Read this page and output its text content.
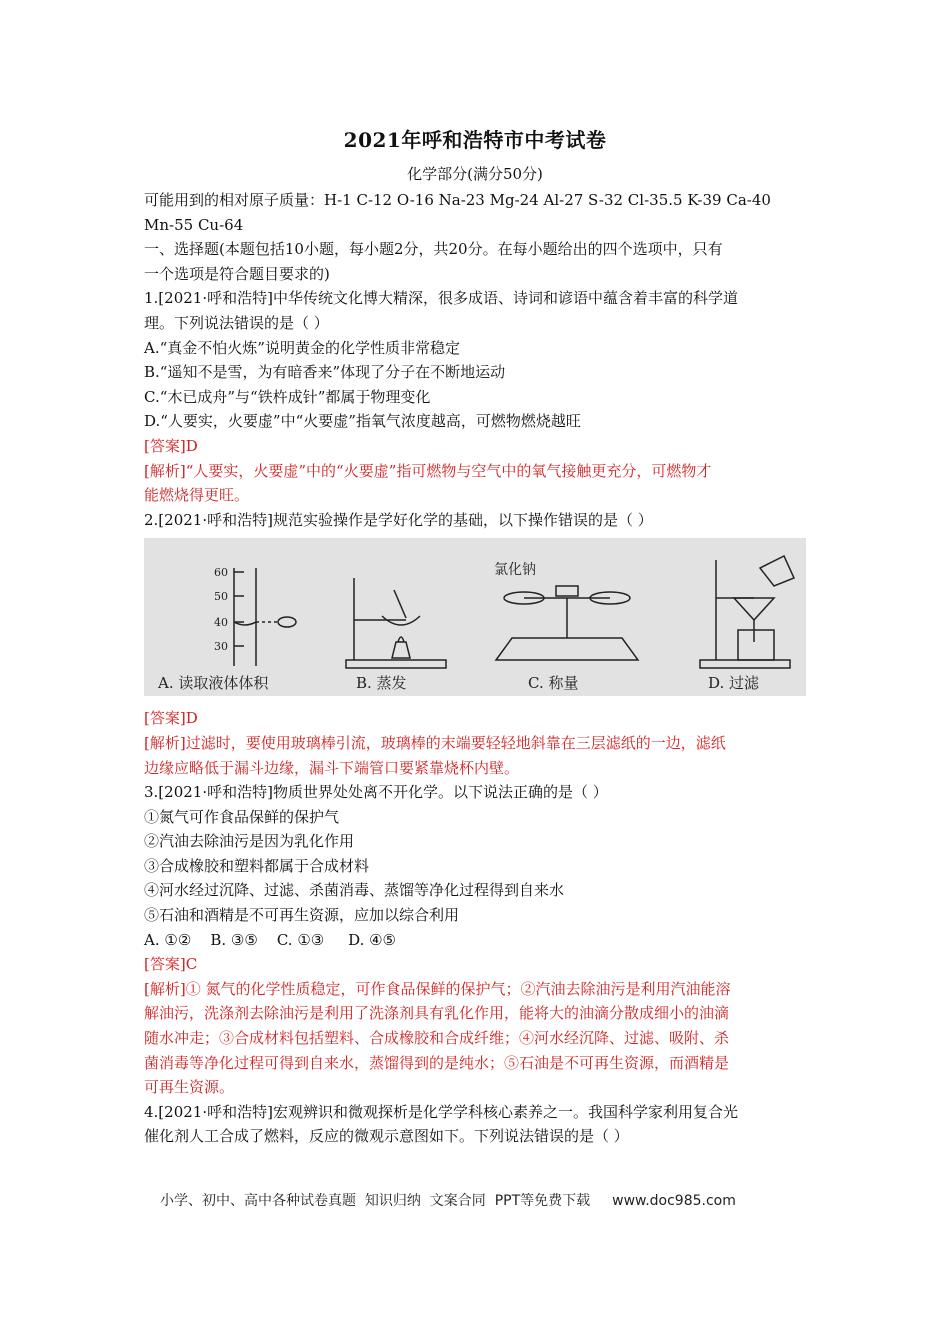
2021年呼和浩特市中考试卷

化学部分(满分50分)

可能用到的相对原子质量：H-1 C-12 O-16 Na-23 Mg-24 Al-27 S-32 Cl-35.5 K-39 Ca-40

Mn-55 Cu-64

一、选择题(本题包括10小题，每小题2分，共20分。在每小题给出的四个选项中，只有

一个选项是符合题目要求的)

1.[2021·呼和浩特]中华传统文化博大精深，很多成语、诗词和谚语中蕴含着丰富的科学道

理。下列说法错误的是（ ）

A.“真金不怕火炼”说明黄金的化学性质非常稳定

B.“遥知不是雪，为有暗香来”体现了分子在不断地运动

C.“木已成舟”与“铁杵成针”都属于物理变化

D.“人要实，火要虚”中“火要虚”指氧气浓度越高，可燃物燃烧越旺

[答案]D

[解析]“人要实，火要虚”中的“火要虚”指可燃物与空气中的氧气接触更充分，可燃物才

能燃烧得更旺。

2.[2021·呼和浩特]规范实验操作是学好化学的基础，以下操作错误的是（ ）

60
50
40
30
氯化钠
A. 读取液体体积	B. 蒸发	C. 称量	D. 过滤

[答案]D

[解析]过滤时，要使用玻璃棒引流，玻璃棒的末端要轻轻地斜靠在三层滤纸的一边，滤纸

边缘应略低于漏斗边缘，漏斗下端管口要紧靠烧杯内壁。

3.[2021·呼和浩特]物质世界处处离不开化学。以下说法正确的是（ ）

①氮气可作食品保鲜的保护气

②汽油去除油污是因为乳化作用

③合成橡胶和塑料都属于合成材料

④河水经过沉降、过滤、杀菌消毒、蒸馏等净化过程得到自来水

⑤石油和酒精是不可再生资源，应加以综合利用

A. ①②    B. ③⑤    C. ①③     D. ④⑤

[答案]C

[解析]① 氮气的化学性质稳定，可作食品保鲜的保护气；②汽油去除油污是利用汽油能溶

解油污，洗涤剂去除油污是利用了洗涤剂具有乳化作用，能将大的油滴分散成细小的油滴

随水冲走；③合成材料包括塑料、合成橡胶和合成纤维；④河水经沉降、过滤、吸附、杀

菌消毒等净化过程可得到自来水，蒸馏得到的是纯水；⑤石油是不可再生资源，而酒精是

可再生资源。

4.[2021·呼和浩特]宏观辨识和微观探析是化学学科核心素养之一。我国科学家利用复合光

催化剂人工合成了燃料，反应的微观示意图如下。下列说法错误的是（ ）

小学、初中、高中各种试卷真题  知识归纳  文案合同  PPT等免费下载 www.doc985.com
